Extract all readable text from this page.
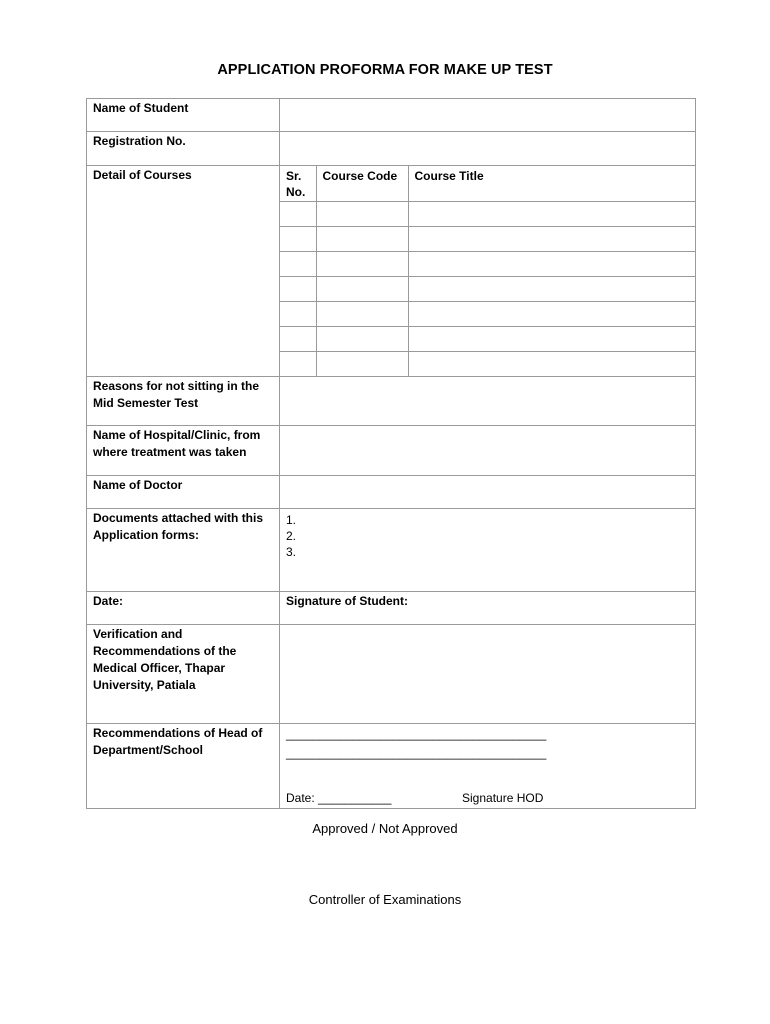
APPLICATION PROFORMA FOR MAKE UP TEST
Name of Student	
Registration No.	
Detail of Courses		Sr. No.	Course Code	Course Title

Reasons for not sitting in the Mid Semester Test	
Name of Hospital/Clinic, from where treatment was taken	
Name of Doctor	
Documents attached with this Application forms:	
1.
2.
3.

Date:	Signature of Student:
Verification and Recommendations of the Medical Officer, Thapar University, Patiala	
Recommendations of Head of Department/School	
_______________________________________
_______________________________________
Date: ___________	Signature HOD
Approved / Not Approved
Controller of Examinations
